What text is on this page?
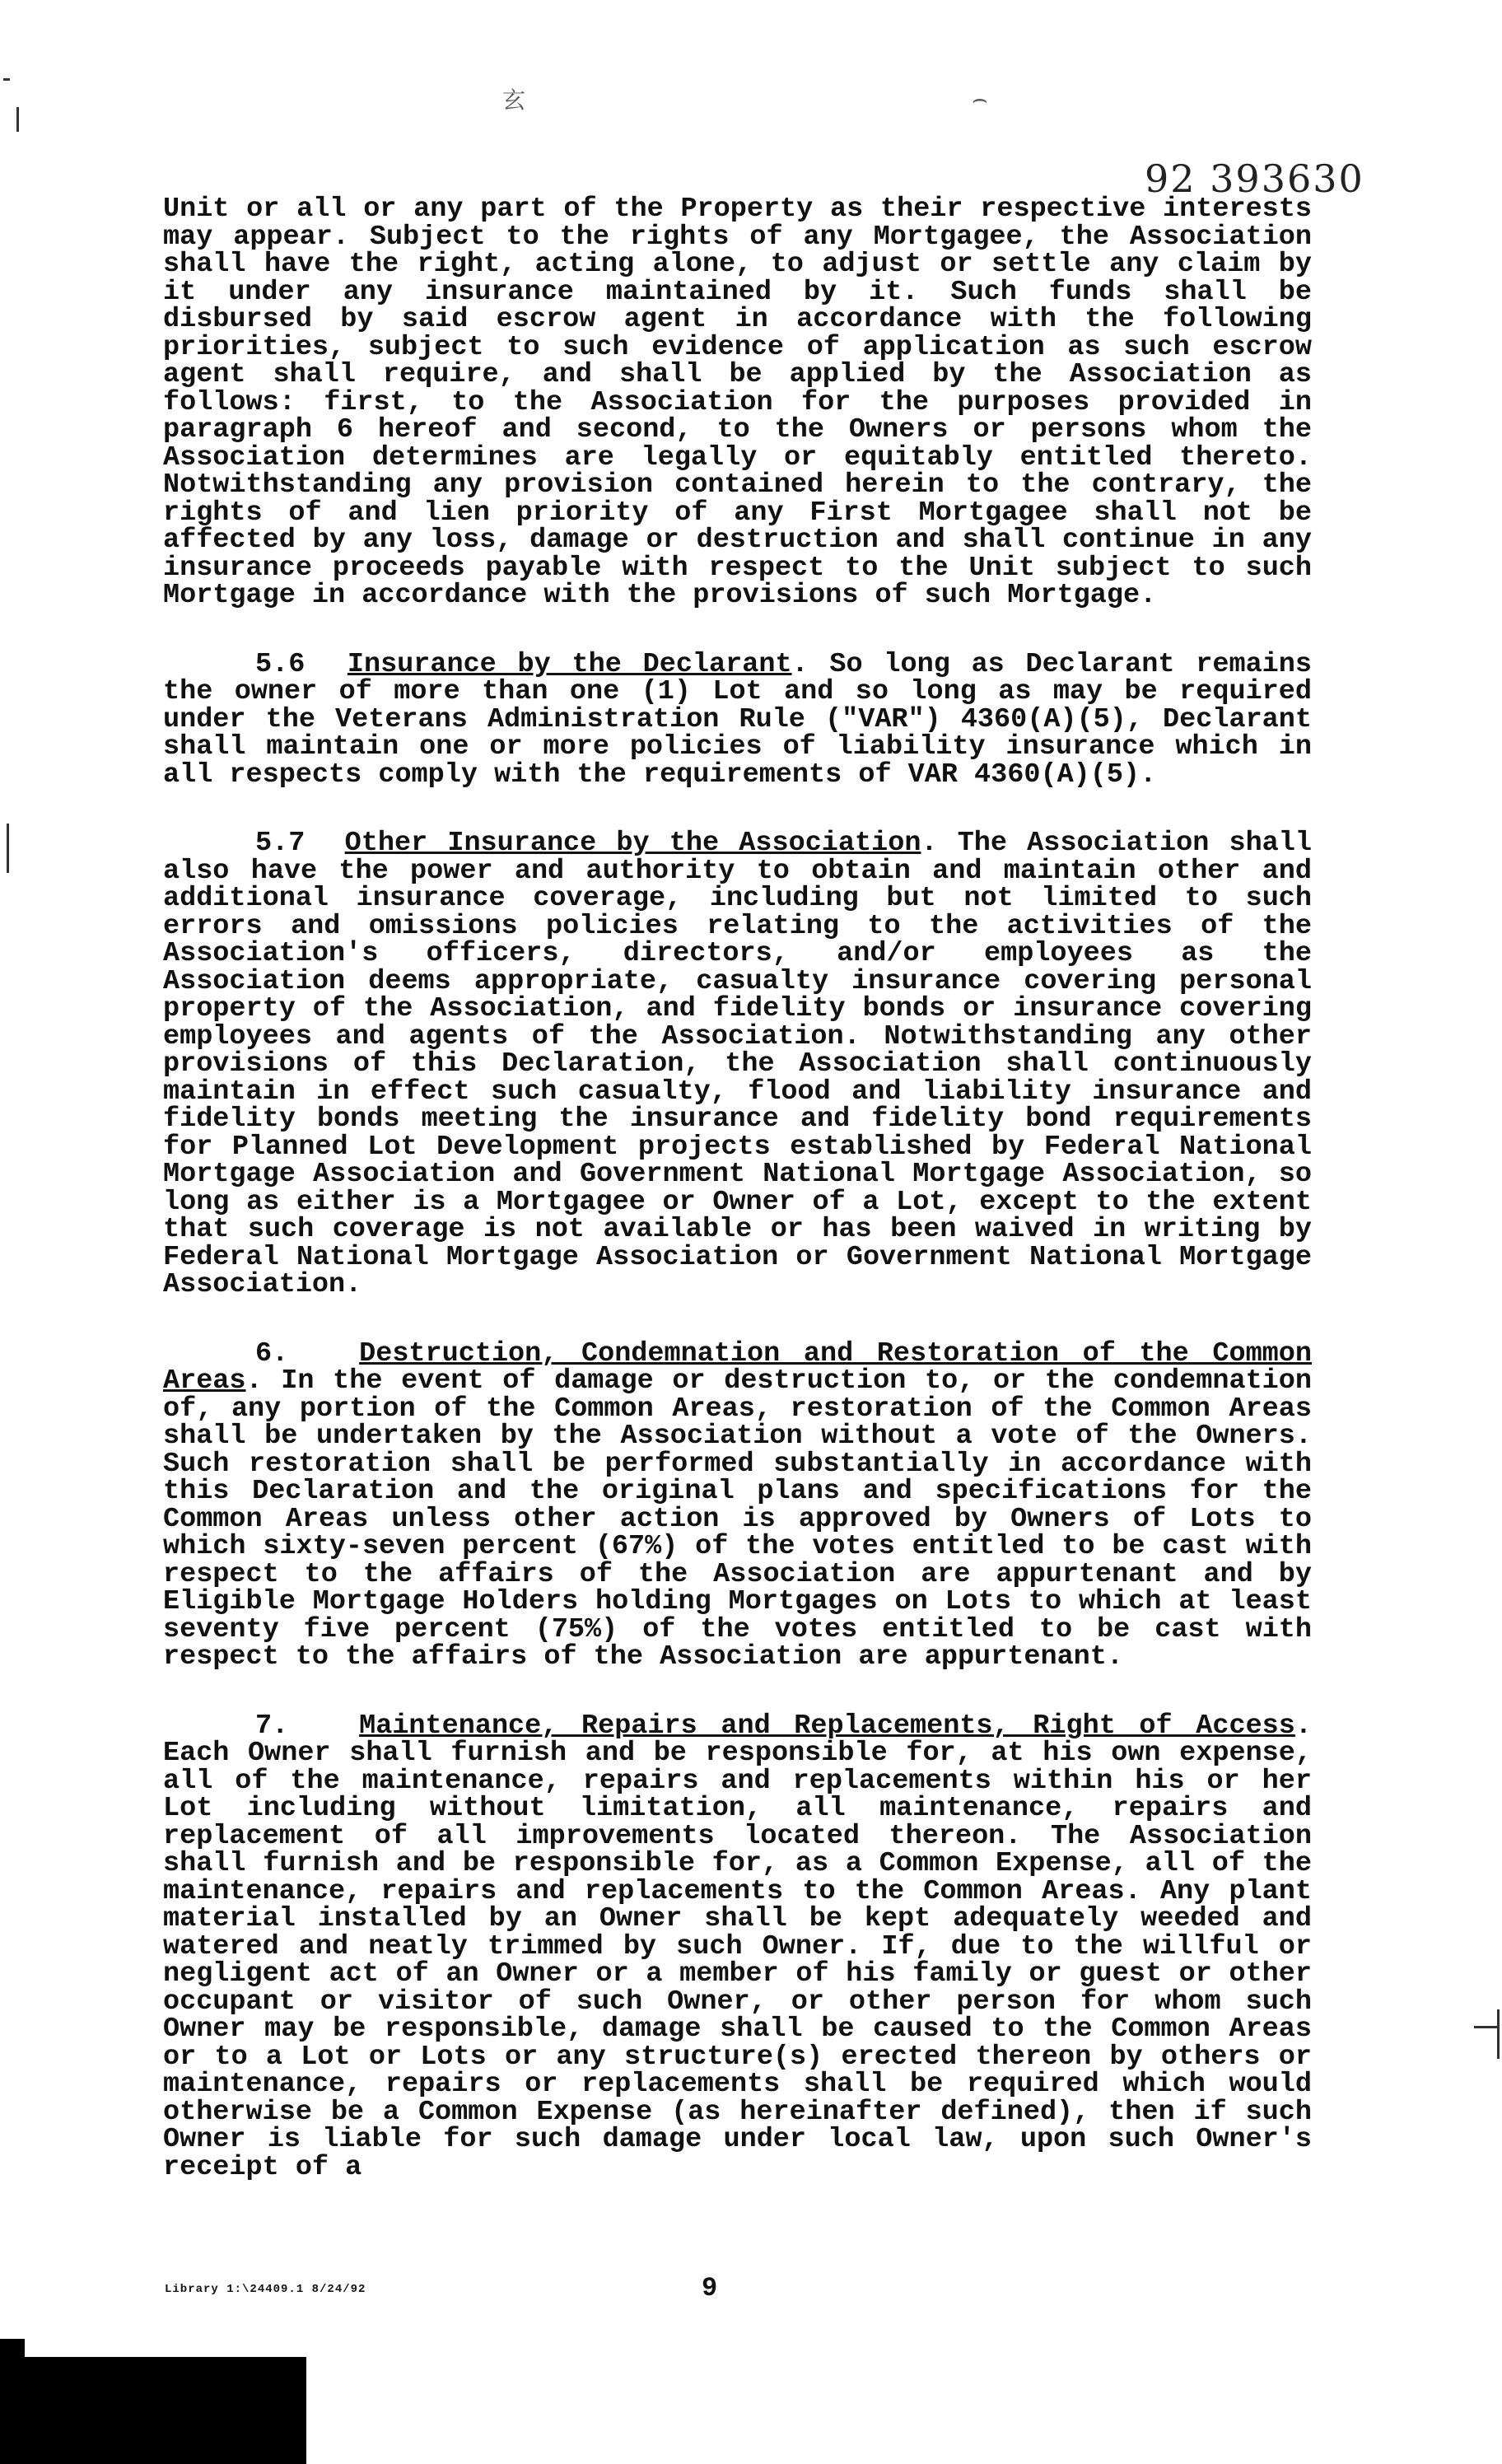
⽞	⌢
92 393630

Unit or all or any part of the Property as their respective interests may appear. Subject to the rights of any Mortgagee, the Association shall have the right, acting alone, to adjust or settle any claim by it under any insurance maintained by it. Such funds shall be disbursed by said escrow agent in accordance with the following priorities, subject to such evidence of application as such escrow agent shall require, and shall be applied by the Association as follows: first, to the Association for the purposes provided in paragraph 6 hereof and second, to the Owners or persons whom the Association determines are legally or equitably entitled thereto. Notwithstanding any provision contained herein to the contrary, the rights of and lien priority of any First Mortgagee shall not be affected by any loss, damage or destruction and shall continue in any insurance proceeds payable with respect to the Unit subject to such Mortgage in accordance with the provisions of such Mortgage.

5.6 Insurance by the Declarant. So long as Declarant remains the owner of more than one (1) Lot and so long as may be required under the Veterans Administration Rule ("VAR") 4360(A)(5), Declarant shall maintain one or more policies of liability insurance which in all respects comply with the requirements of VAR 4360(A)(5).

5.7 Other Insurance by the Association. The Association shall also have the power and authority to obtain and maintain other and additional insurance coverage, including but not limited to such errors and omissions policies relating to the activities of the Association's officers, directors, and/or employees as the Association deems appropriate, casualty insurance covering personal property of the Association, and fidelity bonds or insurance covering employees and agents of the Association. Notwithstanding any other provisions of this Declaration, the Association shall continuously maintain in effect such casualty, flood and liability insurance and fidelity bonds meeting the insurance and fidelity bond requirements for Planned Lot Development projects established by Federal National Mortgage Association and Government National Mortgage Association, so long as either is a Mortgagee or Owner of a Lot, except to the extent that such coverage is not available or has been waived in writing by Federal National Mortgage Association or Government National Mortgage Association.

6.	Destruction, Condemnation and Restoration of the Common Areas. In the event of damage or destruction to, or the condemnation of, any portion of the Common Areas, restoration of the Common Areas shall be undertaken by the Association without a vote of the Owners. Such restoration shall be performed substantially in accordance with this Declaration and the original plans and specifications for the Common Areas unless other action is approved by Owners of Lots to which sixty-seven percent (67%) of the votes entitled to be cast with respect to the affairs of the Association are appurtenant and by Eligible Mortgage Holders holding Mortgages on Lots to which at least seventy five percent (75%) of the votes entitled to be cast with respect to the affairs of the Association are appurtenant.

7.	Maintenance, Repairs and Replacements, Right of Access. Each Owner shall furnish and be responsible for, at his own expense, all of the maintenance, repairs and replacements within his or her Lot including without limitation, all maintenance, repairs and replacement of all improvements located thereon. The Association shall furnish and be responsible for, as a Common Expense, all of the maintenance, repairs and replacements to the Common Areas. Any plant material installed by an Owner shall be kept adequately weeded and watered and neatly trimmed by such Owner. If, due to the willful or negligent act of an Owner or a member of his family or guest or other occupant or visitor of such Owner, or other person for whom such Owner may be responsible, damage shall be caused to the Common Areas or to a Lot or Lots or any structure(s) erected thereon by others or maintenance, repairs or replacements shall be required which would otherwise be a Common Expense (as hereinafter defined), then if such Owner is liable for such damage under local law, upon such Owner's receipt of a

Library 1:\24409.1 8/24/92	9
